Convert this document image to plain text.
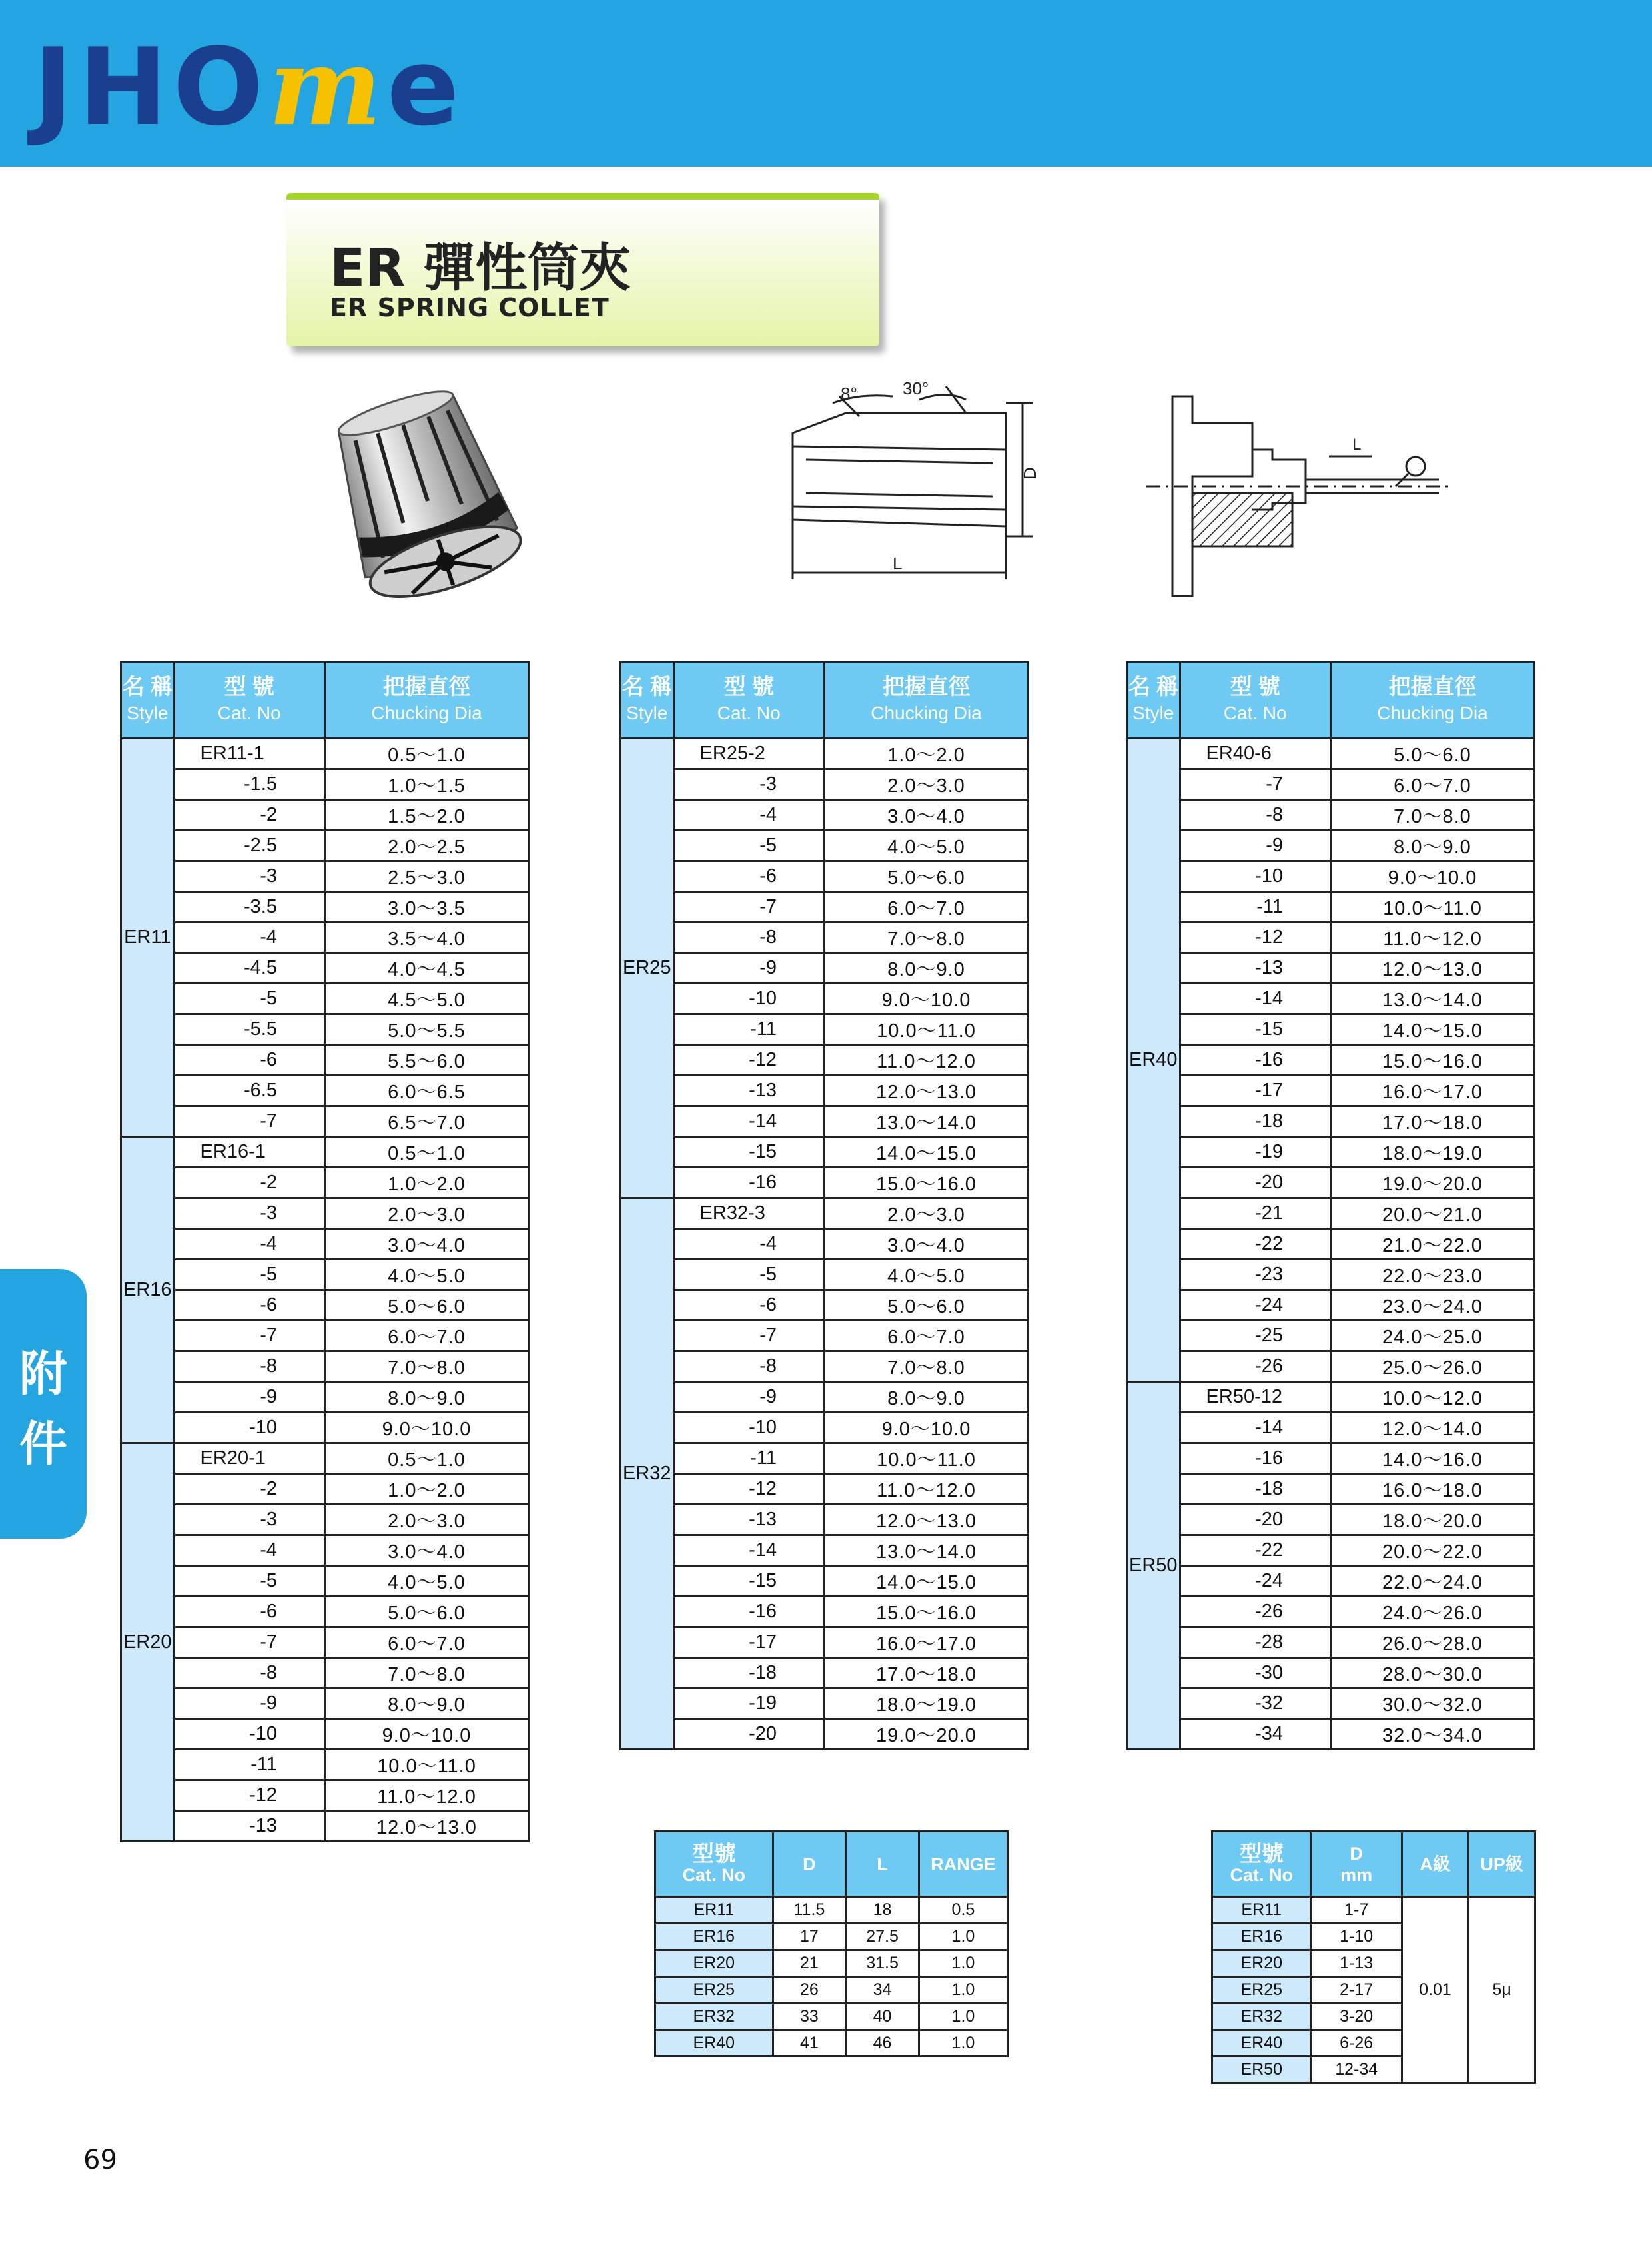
JHOme
ER 彈性筒夾
ER SPRING COLLET
8°	30°
D
L
L
附
件
名 稱
Style	型 號
Cat. No	把握直徑
Chucking Dia

ER11	ER11-1	0.5～1.0
	-1.5	1.0～1.5
	-2	1.5～2.0
	-2.5	2.0～2.5
	-3	2.5～3.0
	-3.5	3.0～3.5
	-4	3.5～4.0
	-4.5	4.0～4.5
	-5	4.5～5.0
	-5.5	5.0～5.5
	-6	5.5～6.0
	-6.5	6.0～6.5
	-7	6.5～7.0
ER16	ER16-1	0.5～1.0
	-2	1.0～2.0
	-3	2.0～3.0
	-4	3.0～4.0
	-5	4.0～5.0
	-6	5.0～6.0
	-7	6.0～7.0
	-8	7.0～8.0
	-9	8.0～9.0
	-10	9.0～10.0
ER20	ER20-1	0.5～1.0
	-2	1.0～2.0
	-3	2.0～3.0
	-4	3.0～4.0
	-5	4.0～5.0
	-6	5.0～6.0
	-7	6.0～7.0
	-8	7.0～8.0
	-9	8.0～9.0
	-10	9.0～10.0
	-11	10.0～11.0
	-12	11.0～12.0
	-13	12.0～13.0
名 稱
Style	型 號
Cat. No	把握直徑
Chucking Dia

ER25	ER25-2	1.0～2.0
	-3	2.0～3.0
	-4	3.0～4.0
	-5	4.0～5.0
	-6	5.0～6.0
	-7	6.0～7.0
	-8	7.0～8.0
	-9	8.0～9.0
	-10	9.0～10.0
	-11	10.0～11.0
	-12	11.0～12.0
	-13	12.0～13.0
	-14	13.0～14.0
	-15	14.0～15.0
	-16	15.0～16.0
ER32	ER32-3	2.0～3.0
	-4	3.0～4.0
	-5	4.0～5.0
	-6	5.0～6.0
	-7	6.0～7.0
	-8	7.0～8.0
	-9	8.0～9.0
	-10	9.0～10.0
	-11	10.0～11.0
	-12	11.0～12.0
	-13	12.0～13.0
	-14	13.0～14.0
	-15	14.0～15.0
	-16	15.0～16.0
	-17	16.0～17.0
	-18	17.0～18.0
	-19	18.0～19.0
	-20	19.0～20.0
名 稱
Style	型 號
Cat. No	把握直徑
Chucking Dia

ER40	ER40-6	5.0～6.0
	-7	6.0～7.0
	-8	7.0～8.0
	-9	8.0～9.0
	-10	9.0～10.0
	-11	10.0～11.0
	-12	11.0～12.0
	-13	12.0～13.0
	-14	13.0～14.0
	-15	14.0～15.0
	-16	15.0～16.0
	-17	16.0～17.0
	-18	17.0～18.0
	-19	18.0～19.0
	-20	19.0～20.0
	-21	20.0～21.0
	-22	21.0～22.0
	-23	22.0～23.0
	-24	23.0～24.0
	-25	24.0～25.0
	-26	25.0～26.0
ER50	ER50-12	10.0～12.0
	-14	12.0～14.0
	-16	14.0～16.0
	-18	16.0～18.0
	-20	18.0～20.0
	-22	20.0～22.0
	-24	22.0～24.0
	-26	24.0～26.0
	-28	26.0～28.0
	-30	28.0～30.0
	-32	30.0～32.0
	-34	32.0～34.0
型號
Cat. No	D	L	RANGE
ER11	11.5	18	0.5
ER16	17	27.5	1.0
ER20	21	31.5	1.0
ER25	26	34	1.0
ER32	33	40	1.0
ER40	41	46	1.0
型號
Cat. No	D
mm	A級	UP級
ER11	1-7	0.01	5μ
ER16	1-10		
ER20	1-13		
ER25	2-17		
ER32	3-20		
ER40	6-26		
ER50	12-34		
69
